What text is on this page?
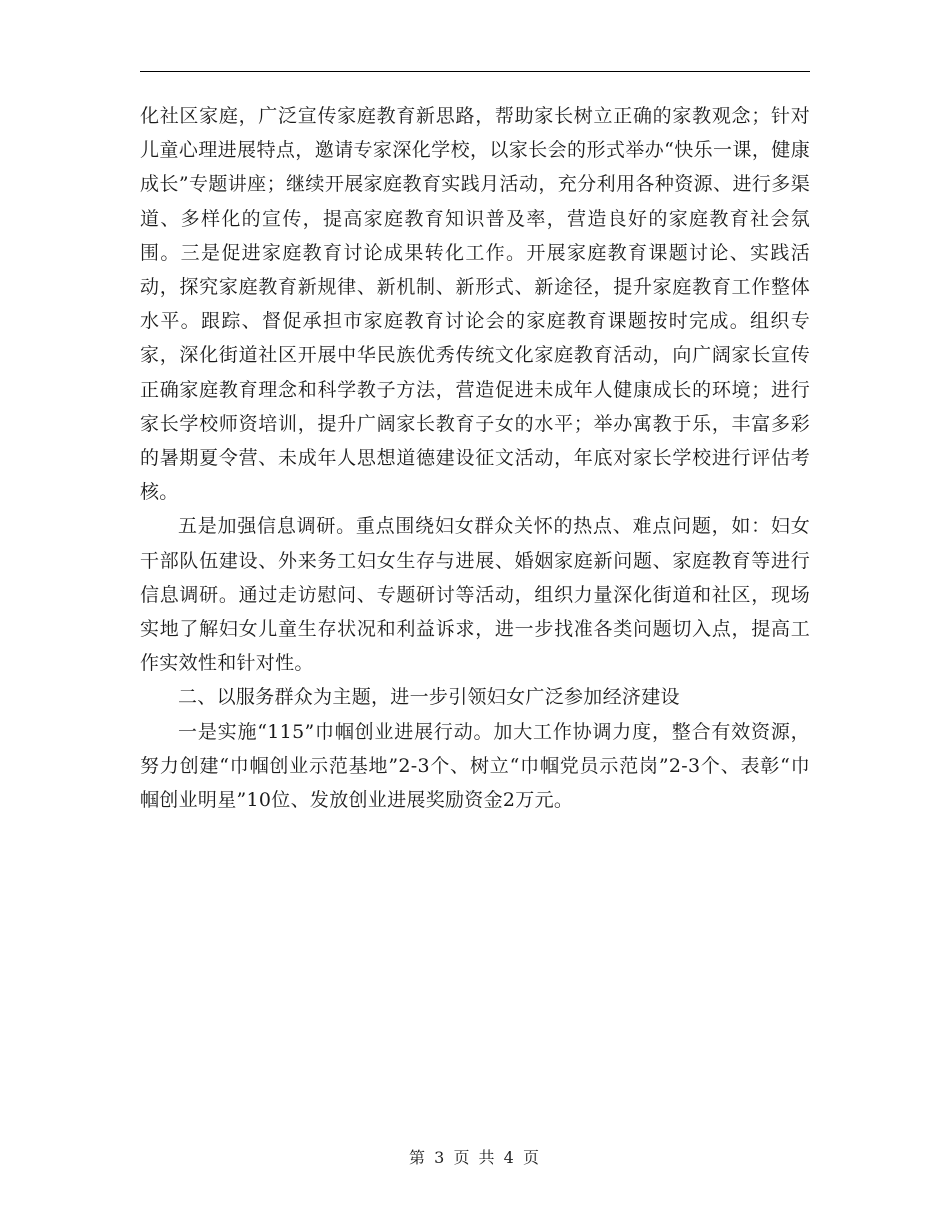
化社区家庭，广泛宣传家庭教育新思路，帮助家长树立正确的家教观念；针对儿童心理进展特点，邀请专家深化学校，以家长会的形式举办“快乐一课，健康成长”专题讲座；继续开展家庭教育实践月活动，充分利用各种资源、进行多渠道、多样化的宣传，提高家庭教育知识普及率，营造良好的家庭教育社会氛围。三是促进家庭教育讨论成果转化工作。开展家庭教育课题讨论、实践活动，探究家庭教育新规律、新机制、新形式、新途径，提升家庭教育工作整体水平。跟踪、督促承担市家庭教育讨论会的家庭教育课题按时完成。组织专家，深化街道社区开展中华民族优秀传统文化家庭教育活动，向广阔家长宣传正确家庭教育理念和科学教子方法，营造促进未成年人健康成长的环境；进行家长学校师资培训，提升广阔家长教育子女的水平；举办寓教于乐，丰富多彩的暑期夏令营、未成年人思想道德建设征文活动，年底对家长学校进行评估考核。

五是加强信息调研。重点围绕妇女群众关怀的热点、难点问题，如：妇女干部队伍建设、外来务工妇女生存与进展、婚姻家庭新问题、家庭教育等进行信息调研。通过走访慰问、专题研讨等活动，组织力量深化街道和社区，现场实地了解妇女儿童生存状况和利益诉求，进一步找准各类问题切入点，提高工作实效性和针对性。

二、以服务群众为主题，进一步引领妇女广泛参加经济建设

一是实施“115”巾帼创业进展行动。加大工作协调力度，整合有效资源，努力创建“巾帼创业示范基地”2-3个、树立“巾帼党员示范岗”2-3个、表彰“巾帼创业明星”10位、发放创业进展奖励资金2万元。

第 3 页 共 4 页
